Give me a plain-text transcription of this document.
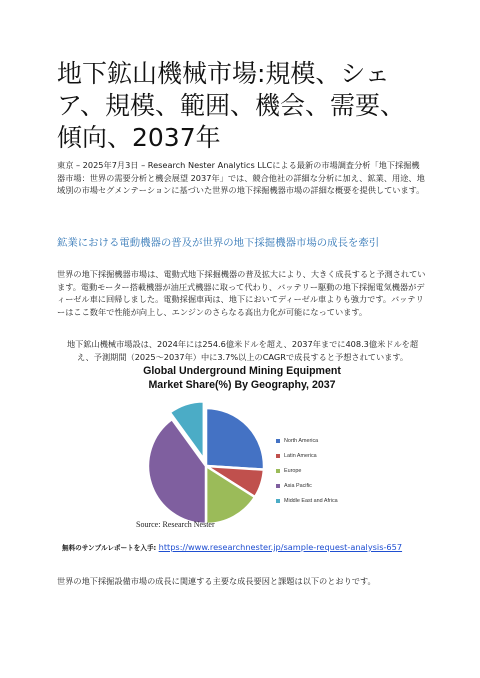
地下鉱山機械市場:規模、シェア、規模、範囲、機会、需要、傾向、2037年

東京 – 2025年7月3日 – Research Nester Analytics LLCによる最新の市場調査分析「地下採掘機器市場：世界の需要分析と機会展望 2037年」では、競合他社の詳細な分析に加え、鉱業、用途、地域別の市場セグメンテーションに基づいた世界の地下採掘機器市場の詳細な概要を提供しています。

鉱業における電動機器の普及が世界の地下採掘機器市場の成長を牽引

世界の地下採掘機器市場は、電動式地下採掘機器の普及拡大により、大きく成長すると予測されています。電動モーター搭載機器が油圧式機器に取って代わり、バッテリー駆動の地下採掘電気機器がディーゼル車に回帰しました。電動採掘車両は、地下においてディーゼル車よりも強力です。バッテリーはここ数年で性能が向上し、エンジンのさらなる高出力化が可能になっています。

地下鉱山機械市場設は、2024年には254.6億米ドルを超え、2037年までに408.3億米ドルを超え、予測期間（2025～2037年）中に3.7%以上のCAGRで成長すると予想されています。

Global Underground Mining Equipment
Market Share(%) By Geography, 2037
North America
Latin America
Europe
Asia Pacific
Middle East and Africa
Source: Research Nester
無料のサンプルレポートを入手: https://www.researchnester.jp/sample-request-analysis-657

世界の地下採掘設備市場の成長に関連する主要な成長要因と課題は以下のとおりです。
